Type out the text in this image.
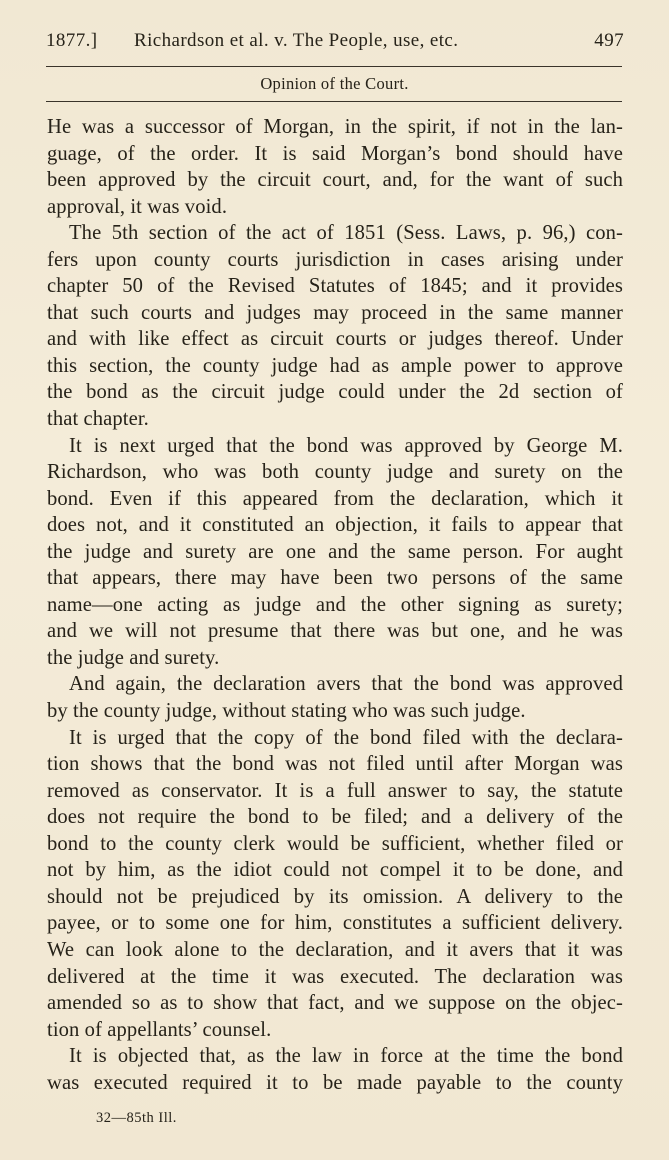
1877.] Richardson et al. v. The People, use, etc.	497
Opinion of the Court.
He was a successor of Morgan, in the spirit, if not in the lan-
guage, of the order. It is said Morgan’s bond should have
been approved by the circuit court, and, for the want of such
approval, it was void.
The 5th section of the act of 1851 (Sess. Laws, p. 96,) con-
fers upon county courts jurisdiction in cases arising under
chapter 50 of the Revised Statutes of 1845; and it provides
that such courts and judges may proceed in the same manner
and with like effect as circuit courts or judges thereof. Under
this section, the county judge had as ample power to approve
the bond as the circuit judge could under the 2d section of
that chapter.
It is next urged that the bond was approved by George M.
Richardson, who was both county judge and surety on the
bond. Even if this appeared from the declaration, which it
does not, and it constituted an objection, it fails to appear that
the judge and surety are one and the same person. For aught
that appears, there may have been two persons of the same
name—one acting as judge and the other signing as surety;
and we will not presume that there was but one, and he was
the judge and surety.
And again, the declaration avers that the bond was approved
by the county judge, without stating who was such judge.
It is urged that the copy of the bond filed with the declara-
tion shows that the bond was not filed until after Morgan was
removed as conservator. It is a full answer to say, the statute
does not require the bond to be filed; and a delivery of the
bond to the county clerk would be sufficient, whether filed or
not by him, as the idiot could not compel it to be done, and
should not be prejudiced by its omission. A delivery to the
payee, or to some one for him, constitutes a sufficient delivery.
We can look alone to the declaration, and it avers that it was
delivered at the time it was executed. The declaration was
amended so as to show that fact, and we suppose on the objec-
tion of appellants’ counsel.
It is objected that, as the law in force at the time the bond
was executed required it to be made payable to the county
32—85th Ill.
